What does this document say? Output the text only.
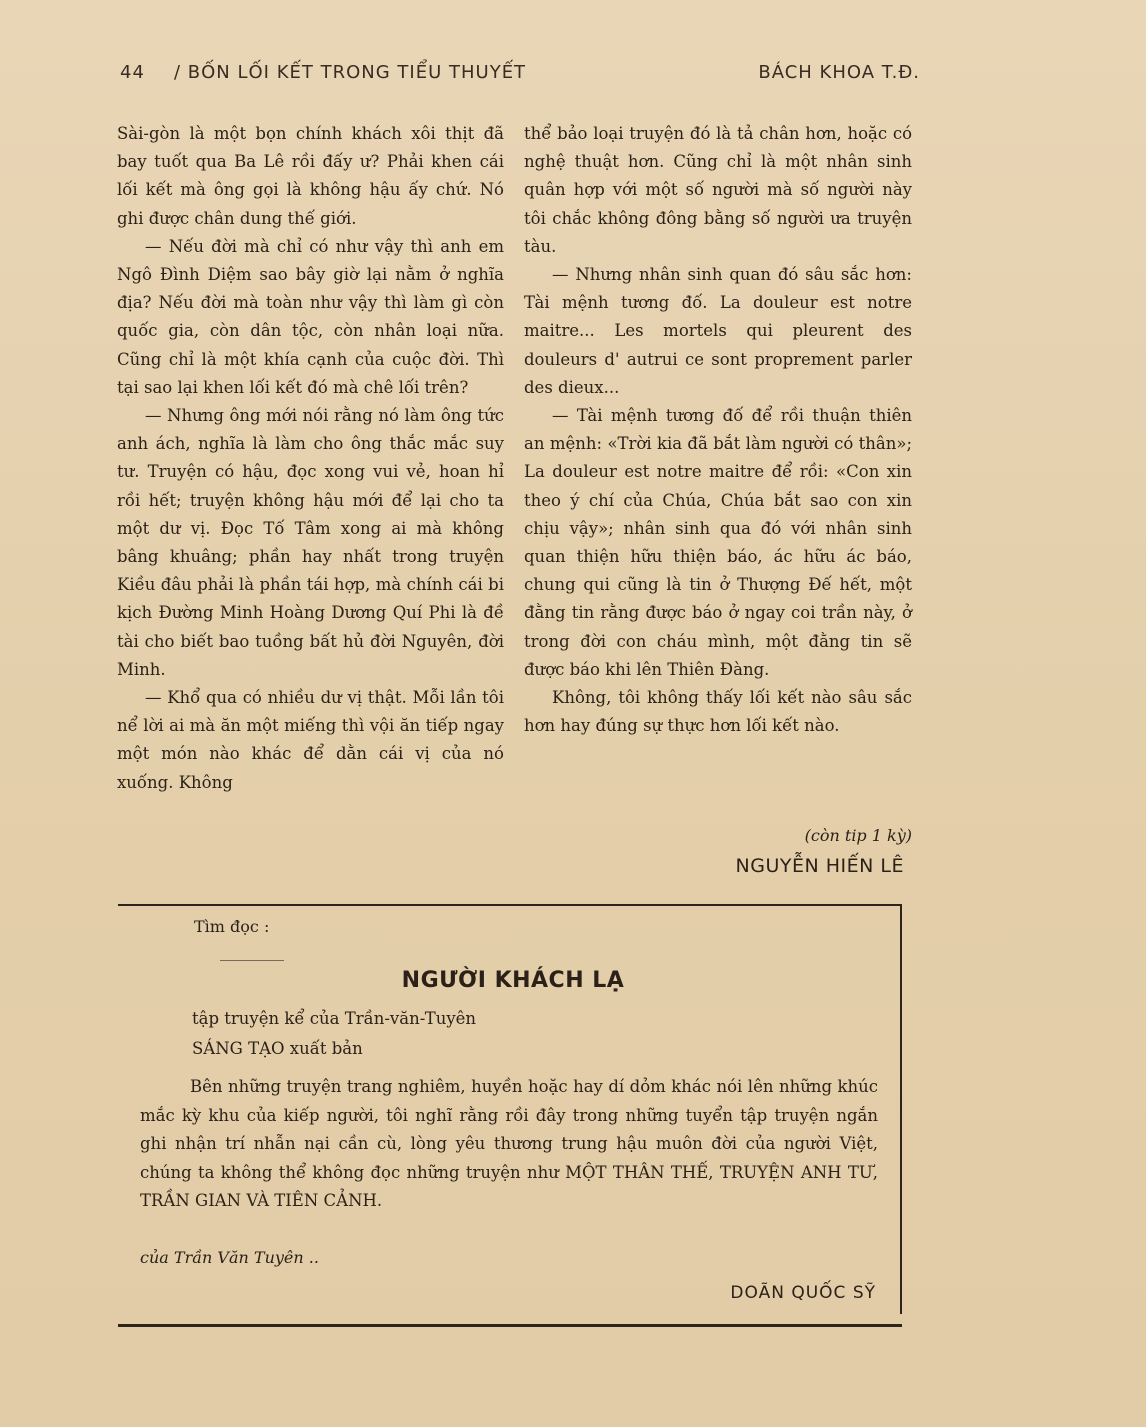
44 / BỐN LỐI KẾT TRONG TIỂU THUYẾT	BÁCH KHOA T.Đ.

Sài-gòn là một bọn chính khách xôi thịt đã bay tuốt qua Ba Lê rồi đấy ư? Phải khen cái lối kết mà ông gọi là không hậu ấy chứ. Nó ghi được chân dung thế giới.

— Nếu đời mà chỉ có như vậy thì anh em Ngô Đình Diệm sao bây giờ lại nằm ở nghĩa địa? Nếu đời mà toàn như vậy thì làm gì còn quốc gia, còn dân tộc, còn nhân loại nữa. Cũng chỉ là một khía cạnh của cuộc đời. Thì tại sao lại khen lối kết đó mà chê lối trên?

— Nhưng ông mới nói rằng nó làm ông tức anh ách, nghĩa là làm cho ông thắc mắc suy tư. Truyện có hậu, đọc xong vui vẻ, hoan hỉ rồi hết; truyện không hậu mới để lại cho ta một dư vị. Đọc Tố Tâm xong ai mà không bâng khuâng; phần hay nhất trong truyện Kiều đâu phải là phần tái hợp, mà chính cái bi kịch Đường Minh Hoàng Dương Quí Phi là đề tài cho biết bao tuồng bất hủ đời Nguyên, đời Minh.

— Khổ qua có nhiều dư vị thật. Mỗi lần tôi nể lời ai mà ăn một miếng thì vội ăn tiếp ngay một món nào khác để dằn cái vị của nó xuống. Không

thể bảo loại truyện đó là tả chân hơn, hoặc có nghệ thuật hơn. Cũng chỉ là một nhân sinh quân hợp với một số người mà số người này tôi chắc không đông bằng số người ưa truyện tàu.

— Nhưng nhân sinh quan đó sâu sắc hơn: Tài mệnh tương đố. La douleur est notre maitre... Les mortels qui pleurent des douleurs d' autrui ce sont proprement parler des dieux...

— Tài mệnh tương đố để rồi thuận thiên an mệnh: «Trời kia đã bắt làm người có thân»; La douleur est notre maitre để rồi: «Con xin theo ý chí của Chúa, Chúa bắt sao con xin chịu vậy»; nhân sinh qua đó với nhân sinh quan thiện hữu thiện báo, ác hữu ác báo, chung qui cũng là tin ở Thượng Đế hết, một đằng tin rằng được báo ở ngay coi trần này, ở trong đời con cháu mình, một đằng tin sẽ được báo khi lên Thiên Đàng.

Không, tôi không thấy lối kết nào sâu sắc hơn hay đúng sự thực hơn lối kết nào.

(còn tip 1 kỳ)
NGUYỄN HIẾN LÊ
Tìm đọc :
NGƯỜI KHÁCH LẠ
tập truyện kể của Trần-văn-Tuyên
SÁNG TẠO xuất bản

Bên những truyện trang nghiêm, huyền hoặc hay dí dỏm khác nói lên những khúc mắc kỳ khu của kiếp người, tôi nghĩ rằng rồi đây trong những tuyển tập truyện ngắn ghi nhận trí nhẫn nại cần cù, lòng yêu thương trung hậu muôn đời của người Việt, chúng ta không thể không đọc những truyện như MỘT THÂN THẾ, TRUYỆN ANH TƯ, TRẦN GIAN VÀ TIÊN CẢNH.

của Trần Văn Tuyên ..
DOÃN QUỐC SỸ
